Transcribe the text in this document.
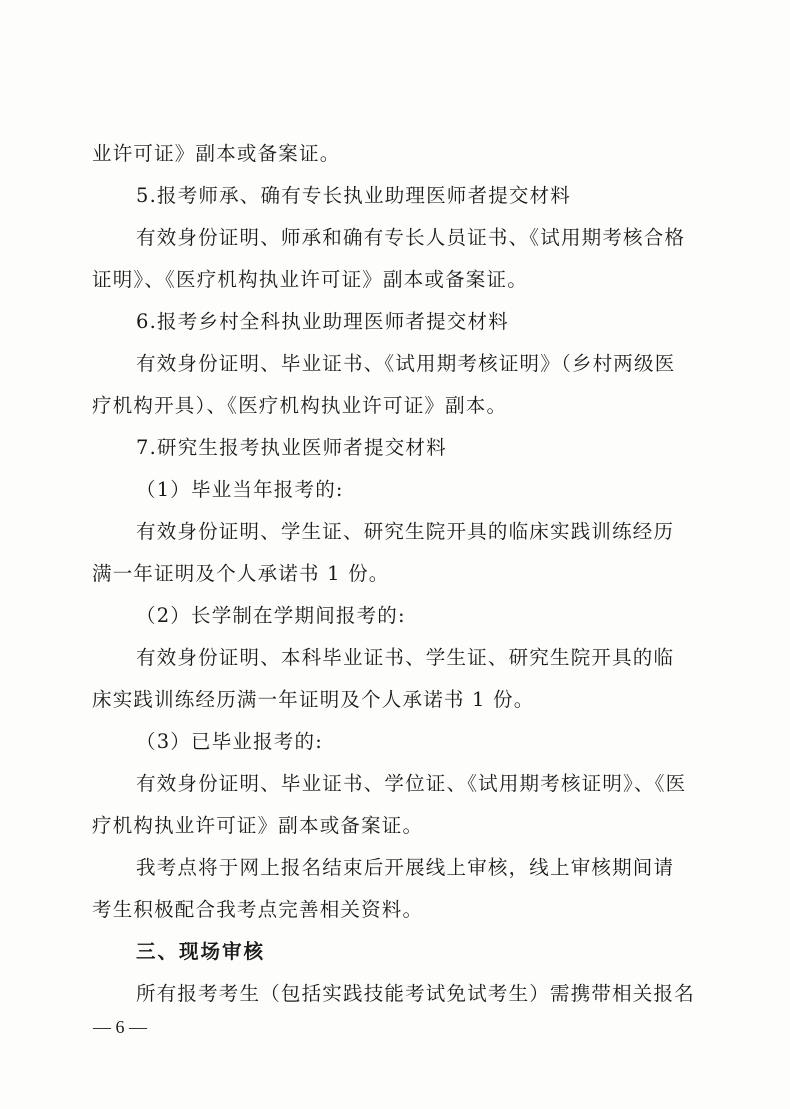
业许可证》副本或备案证。
5.报考师承、确有专长执业助理医师者提交材料
有效身份证明、师承和确有专长人员证书、《试用期考核合格
证明》、《医疗机构执业许可证》副本或备案证。
6.报考乡村全科执业助理医师者提交材料
有效身份证明、毕业证书、《试用期考核证明》（乡村两级医
疗机构开具）、《医疗机构执业许可证》副本。
7.研究生报考执业医师者提交材料
（1）毕业当年报考的:
有效身份证明、学生证、研究生院开具的临床实践训练经历
满一年证明及个人承诺书 1 份。
（2）长学制在学期间报考的:
有效身份证明、本科毕业证书、学生证、研究生院开具的临
床实践训练经历满一年证明及个人承诺书 1 份。
（3）已毕业报考的:
有效身份证明、毕业证书、学位证、《试用期考核证明》、《医
疗机构执业许可证》副本或备案证。
我考点将于网上报名结束后开展线上审核，线上审核期间请
考生积极配合我考点完善相关资料。
三、现场审核
所有报考考生（包括实践技能考试免试考生）需携带相关报名
— 6 —
